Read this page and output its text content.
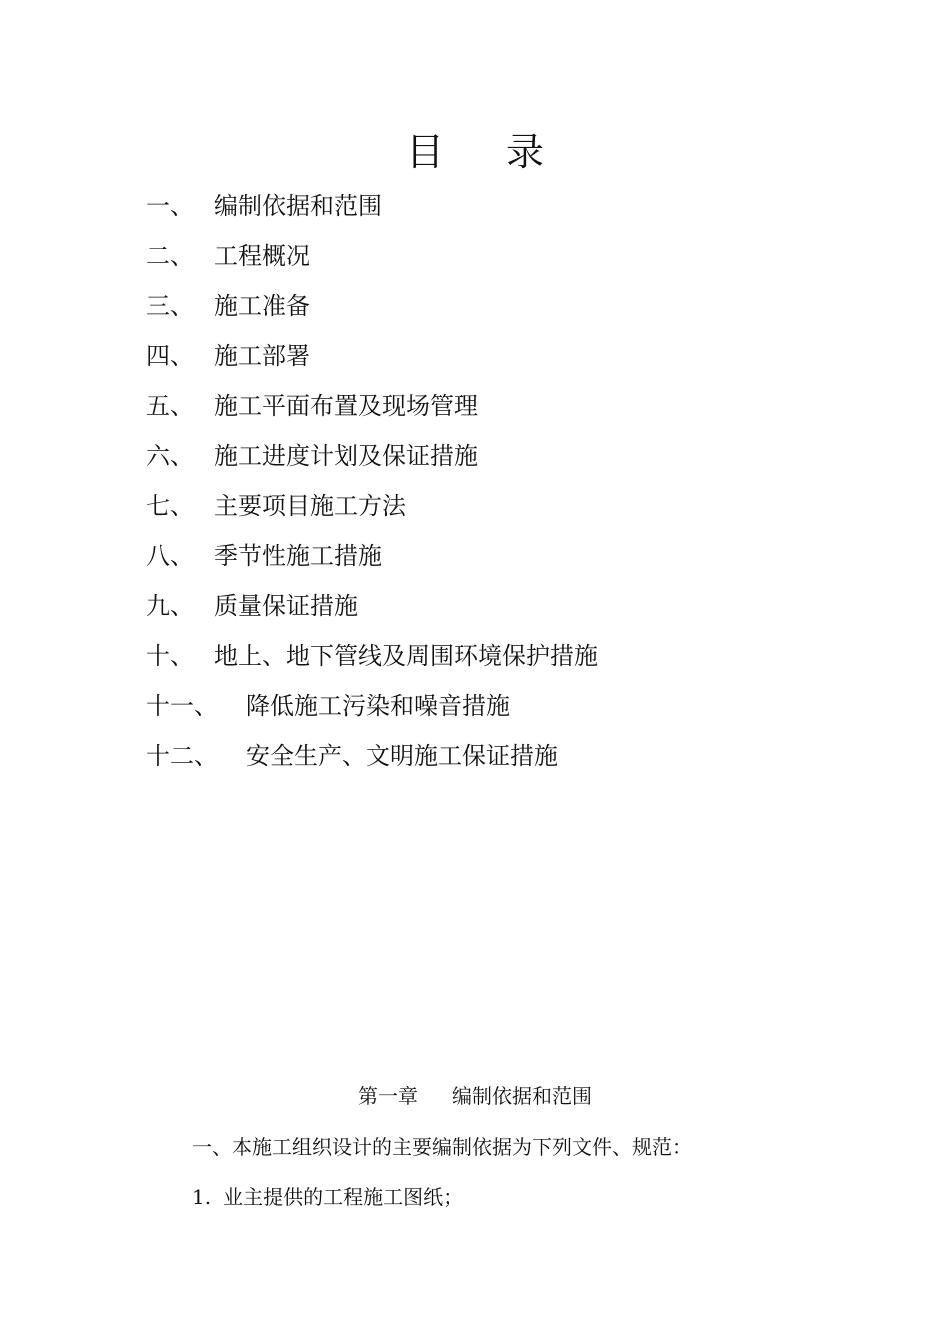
目录
一、 编制依据和范围
二、 工程概况
三、 施工准备
四、 施工部署
五、 施工平面布置及现场管理
六、 施工进度计划及保证措施
七、 主要项目施工方法
八、 季节性施工措施
九、 质量保证措施
十、 地上、地下管线及周围环境保护措施
十一、	降低施工污染和噪音措施
十二、	安全生产、文明施工保证措施
第一章 编制依据和范围
一、本施工组织设计的主要编制依据为下列文件、规范：
1. 业主提供的工程施工图纸；
